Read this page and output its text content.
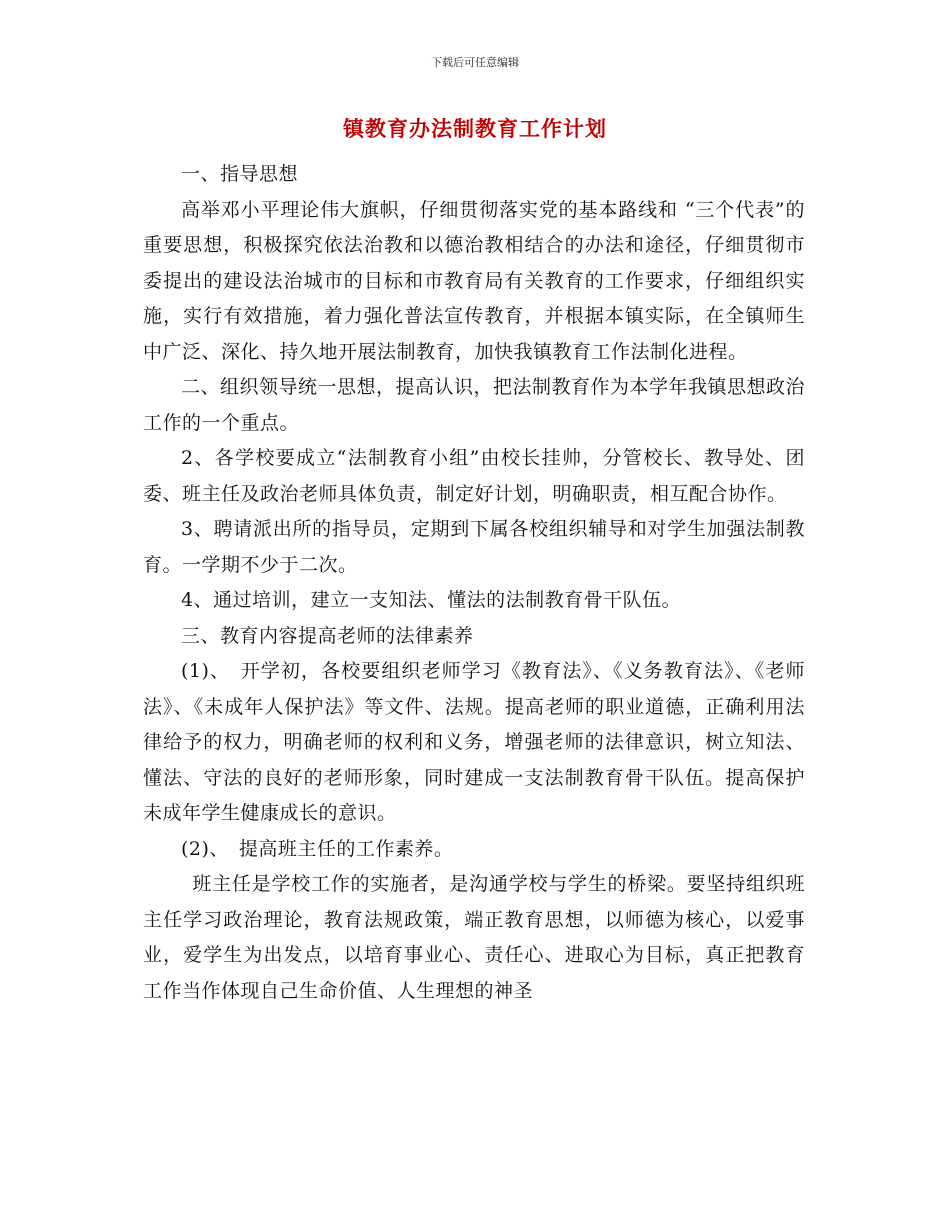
下载后可任意编辑
镇教育办法制教育工作计划

一、指导思想

高举邓小平理论伟大旗帜，仔细贯彻落实党的基本路线和 “三个代表”的重要思想，积极探究依法治教和以德治教相结合的办法和途径，仔细贯彻市委提出的建设法治城市的目标和市教育局有关教育的工作要求，仔细组织实施，实行有效措施，着力强化普法宣传教育，并根据本镇实际，在全镇师生中广泛、深化、持久地开展法制教育，加快我镇教育工作法制化进程。

二、组织领导统一思想，提高认识，把法制教育作为本学年我镇思想政治工作的一个重点。

2、各学校要成立“法制教育小组”由校长挂帅，分管校长、教导处、团委、班主任及政治老师具体负责，制定好计划，明确职责，相互配合协作。

3、聘请派出所的指导员，定期到下属各校组织辅导和对学生加强法制教育。一学期不少于二次。

4、通过培训，建立一支知法、懂法的法制教育骨干队伍。

三、教育内容提高老师的法律素养

(1)、　开学初，各校要组织老师学习《教育法》、《义务教育法》、《老师法》、《未成年人保护法》等文件、法规。提高老师的职业道德，正确利用法律给予的权力，明确老师的权利和义务，增强老师的法律意识，树立知法、懂法、守法的良好的老师形象，同时建成一支法制教育骨干队伍。提高保护未成年学生健康成长的意识。

(2)、　提高班主任的工作素养。

班主任是学校工作的实施者，是沟通学校与学生的桥梁。要坚持组织班主任学习政治理论，教育法规政策，端正教育思想，以师德为核心，以爱事业，爱学生为出发点，以培育事业心、责任心、进取心为目标，真正把教育工作当作体现自己生命价值、人生理想的神圣
